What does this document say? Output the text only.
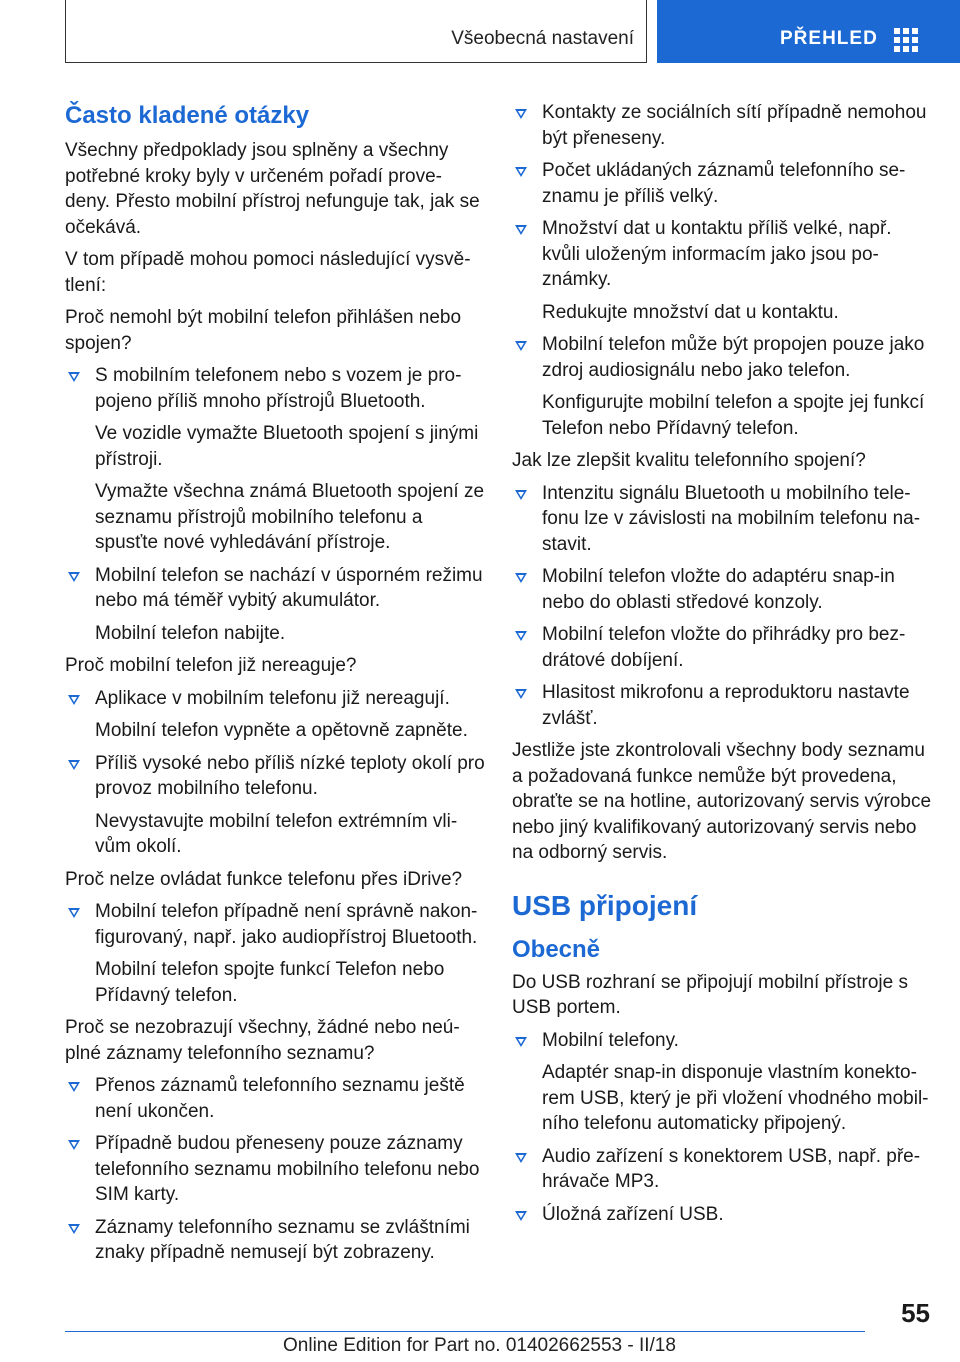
Všeobecná nastavení	PŘEHLED
Často kladené otázky
Všechny předpoklady jsou splněny a všechny potřebné kroky byly v určeném pořadí prove-deny. Přesto mobilní přístroj nefunguje tak, jak se očekává.
V tom případě mohou pomoci následující vysvě-tlení:
Proč nemohl být mobilní telefon přihlášen nebo spojen?
S mobilním telefonem nebo s vozem je pro-pojeno příliš mnoho přístrojů Bluetooth.
Ve vozidle vymažte Bluetooth spojení s jinými přístroji.
Vymažte všechna známá Bluetooth spojení ze seznamu přístrojů mobilního telefonu a spusťte nové vyhledávání přístroje.
Mobilní telefon se nachází v úsporném režimu nebo má téměř vybitý akumulátor.
Mobilní telefon nabijte.
Proč mobilní telefon již nereaguje?
Aplikace v mobilním telefonu již nereagují.
Mobilní telefon vypněte a opětovně zapněte.
Příliš vysoké nebo příliš nízké teploty okolí pro provoz mobilního telefonu.
Nevystavujte mobilní telefon extrémním vli-vům okolí.
Proč nelze ovládat funkce telefonu přes iDrive?
Mobilní telefon případně není správně nakon-figurovaný, např. jako audiopřístroj Bluetooth.
Mobilní telefon spojte funkcí Telefon nebo Přídavný telefon.
Proč se nezobrazují všechny, žádné nebo neú-plné záznamy telefonního seznamu?
Přenos záznamů telefonního seznamu ještě není ukončen.
Případně budou přeneseny pouze záznamy telefonního seznamu mobilního telefonu nebo SIM karty.
Záznamy telefonního seznamu se zvláštními znaky případně nemusejí být zobrazeny.
Kontakty ze sociálních sítí případně nemohou být přeneseny.
Počet ukládaných záznamů telefonního se-znamu je příliš velký.
Množství dat u kontaktu příliš velké, např. kvůli uloženým informacím jako jsou po-známky.
Redukujte množství dat u kontaktu.
Mobilní telefon může být propojen pouze jako zdroj audiosignálu nebo jako telefon.
Konfigurujte mobilní telefon a spojte jej funkcí Telefon nebo Přídavný telefon.
Jak lze zlepšit kvalitu telefonního spojení?
Intenzitu signálu Bluetooth u mobilního tele-fonu lze v závislosti na mobilním telefonu na-stavit.
Mobilní telefon vložte do adaptéru snap-in nebo do oblasti středové konzoly.
Mobilní telefon vložte do přihrádky pro bez-drátové dobíjení.
Hlasitost mikrofonu a reproduktoru nastavte zvlášť.
Jestliže jste zkontrolovali všechny body seznamu a požadovaná funkce nemůže být provedena, obraťte se na hotline, autorizovaný servis výrobce nebo jiný kvalifikovaný autorizovaný servis nebo na odborný servis.
USB připojení
Obecně
Do USB rozhraní se připojují mobilní přístroje s USB portem.
Mobilní telefony.
Adaptér snap-in disponuje vlastním konekto-rem USB, který je při vložení vhodného mobil-ního telefonu automaticky připojený.
Audio zařízení s konektorem USB, např. pře-hrávače MP3.
Úložná zařízení USB.
55
Online Edition for Part no. 01402662553 - II/18
